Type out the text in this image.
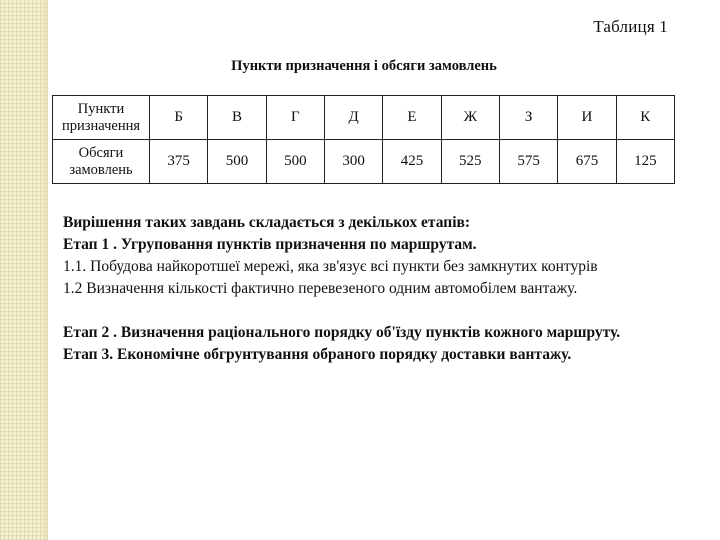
Таблиця 1
Пункти призначення і обсяги замовлень
Пункти призначення	Б	В	Г	Д	Е	Ж	З	И	К
Обсяги замовлень	375	500	500	300	425	525	575	675	125

Вирішення таких завдань складається з декількох етапів:

Етап 1 . Угруповання пунктів призначення по маршрутам.

1.1. Побудова найкоротшеї мережі, яка зв'язує всі пункти без замкнутих контурів

1.2 Визначення кількості фактично перевезеного одним автомобілем вантажу.

Етап 2 . Визначення раціонального порядку об'їзду пунктів кожного маршруту.

Етап 3. Економічне обгрунтування обраного порядку доставки вантажу.
